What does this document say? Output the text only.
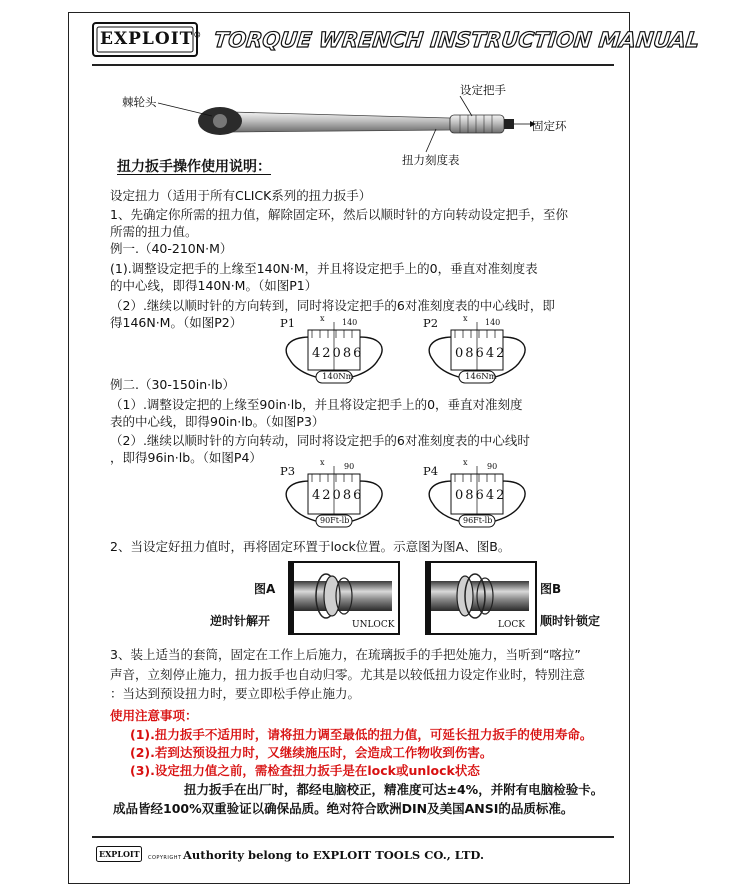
EXPLOIT® TORQUE WRENCH INSTRUCTION MANUAL
棘轮头
设定把手
固定环
扭力刻度表
扭力扳手操作使用说明：
设定扭力（适用于所有CLICK系列的扭力扳手）
1、先确定你所需的扭力值，解除固定环，然后以顺时针的方向转动设定把手，至你
所需的扭力值。
例一.（40-210N·M）
(1).调整设定把手的上缘至140N·M，并且将设定把手上的0，垂直对准刻度表
的中心线，即得140N·M。（如图P1）
（2）.继续以顺时针的方向转到，同时将设定把手的6对准刻度表的中心线时，即
得146N·M。（如图P2）	P1	x 140
42086
140Nm
P2	x 140
08642
146Nm
例二.（30-150in·lb）
（1）.调整设定把的上缘至90in·lb，并且将设定把手上的0，垂直对准刻度
表的中心线，即得90in·lb。（如图P3）
（2）.继续以顺时针的方向转动，同时将设定把手的6对准刻度表的中心线时
，即得96in·lb。（如图P4）
P3
x 90
42086
90Ft-lb
P4
x 90
08642
96Ft-lb
2、当设定好扭力值时，再将固定环置于lock位置。示意图为图A、图B。
图A
逆时针解开	UNLOCK	LOCK
图B
顺时针锁定
3、装上适当的套筒，固定在工作上后施力，在琉璃扳手的手把处施力，当听到“喀拉”
声音，立刻停止施力，扭力扳手也自动归零。尤其是以较低扭力设定作业时，特别注意
：当达到预设扭力时，要立即松手停止施力。
使用注意事项：
(1).扭力扳手不适用时，请将扭力调至最低的扭力值，可延长扭力扳手的使用寿命。
(2).若到达预设扭力时，又继续施压时，会造成工作物收到伤害。
(3).设定扭力值之前，需检查扭力扳手是在lock或unlock状态
扭力扳手在出厂时，都经电脑校正，精准度可达±4%，并附有电脑检验卡。
成品皆经100%双重验证以确保品质。绝对符合欧洲DIN及美国ANSI的品质标准。
EXPLOIT COPYRIGHT Authority belong to EXPLOIT TOOLS CO., LTD.
